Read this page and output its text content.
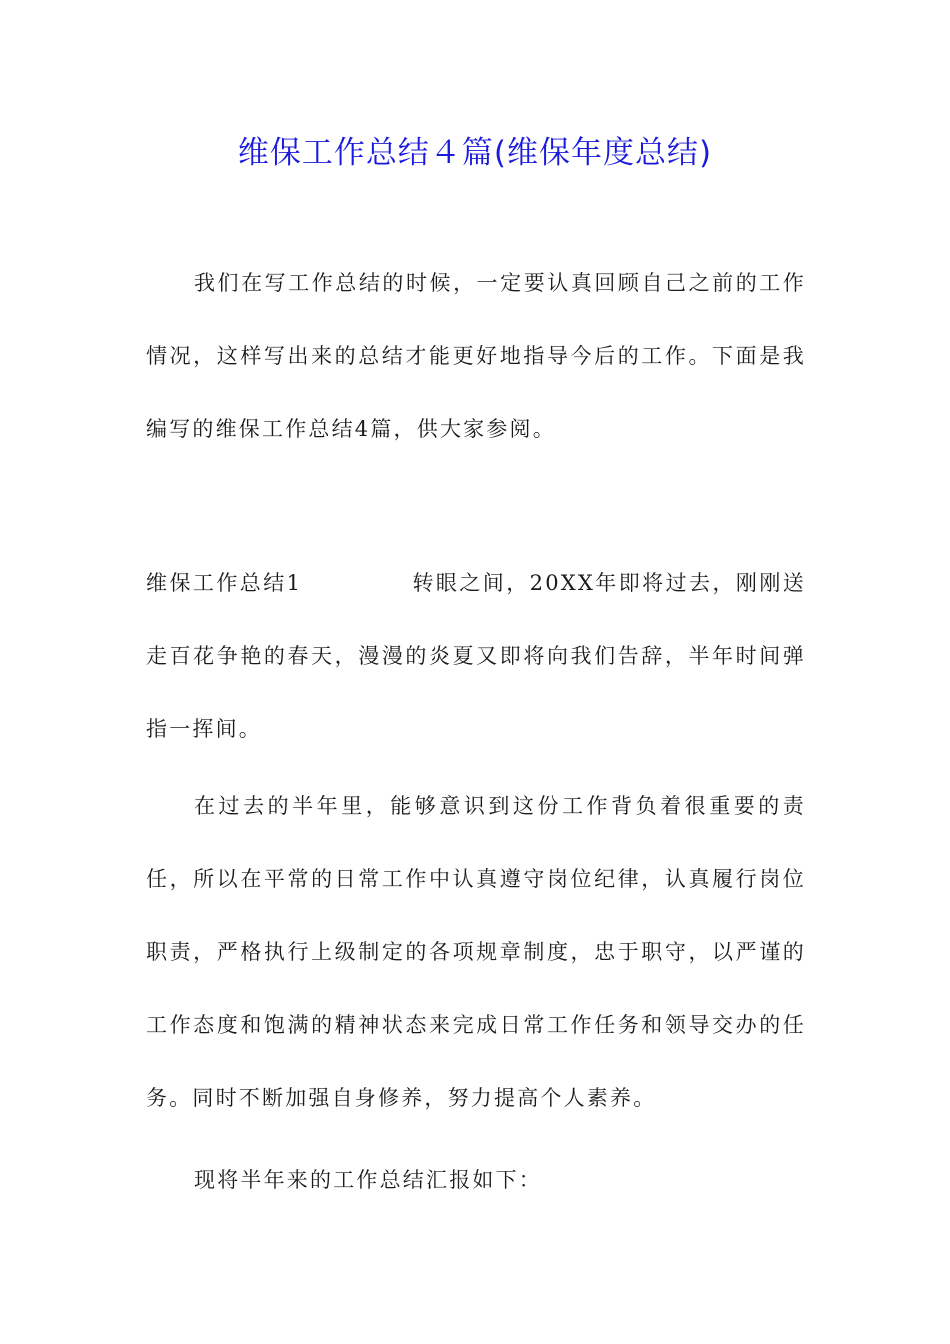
维保工作总结４篇(维保年度总结)

我们在写工作总结的时候，一定要认真回顾自己之前的工作情况，这样写出来的总结才能更好地指导今后的工作。下面是我编写的维保工作总结4篇，供大家参阅。

维保工作总结1	转眼之间，20XX年即将过去，刚刚送走百花争艳的春天，漫漫的炎夏又即将向我们告辞，半年时间弹指一挥间。

在过去的半年里，能够意识到这份工作背负着很重要的责任，所以在平常的日常工作中认真遵守岗位纪律，认真履行岗位职责，严格执行上级制定的各项规章制度，忠于职守，以严谨的工作态度和饱满的精神状态来完成日常工作任务和领导交办的任务。同时不断加强自身修养，努力提高个人素养。

现将半年来的工作总结汇报如下：
